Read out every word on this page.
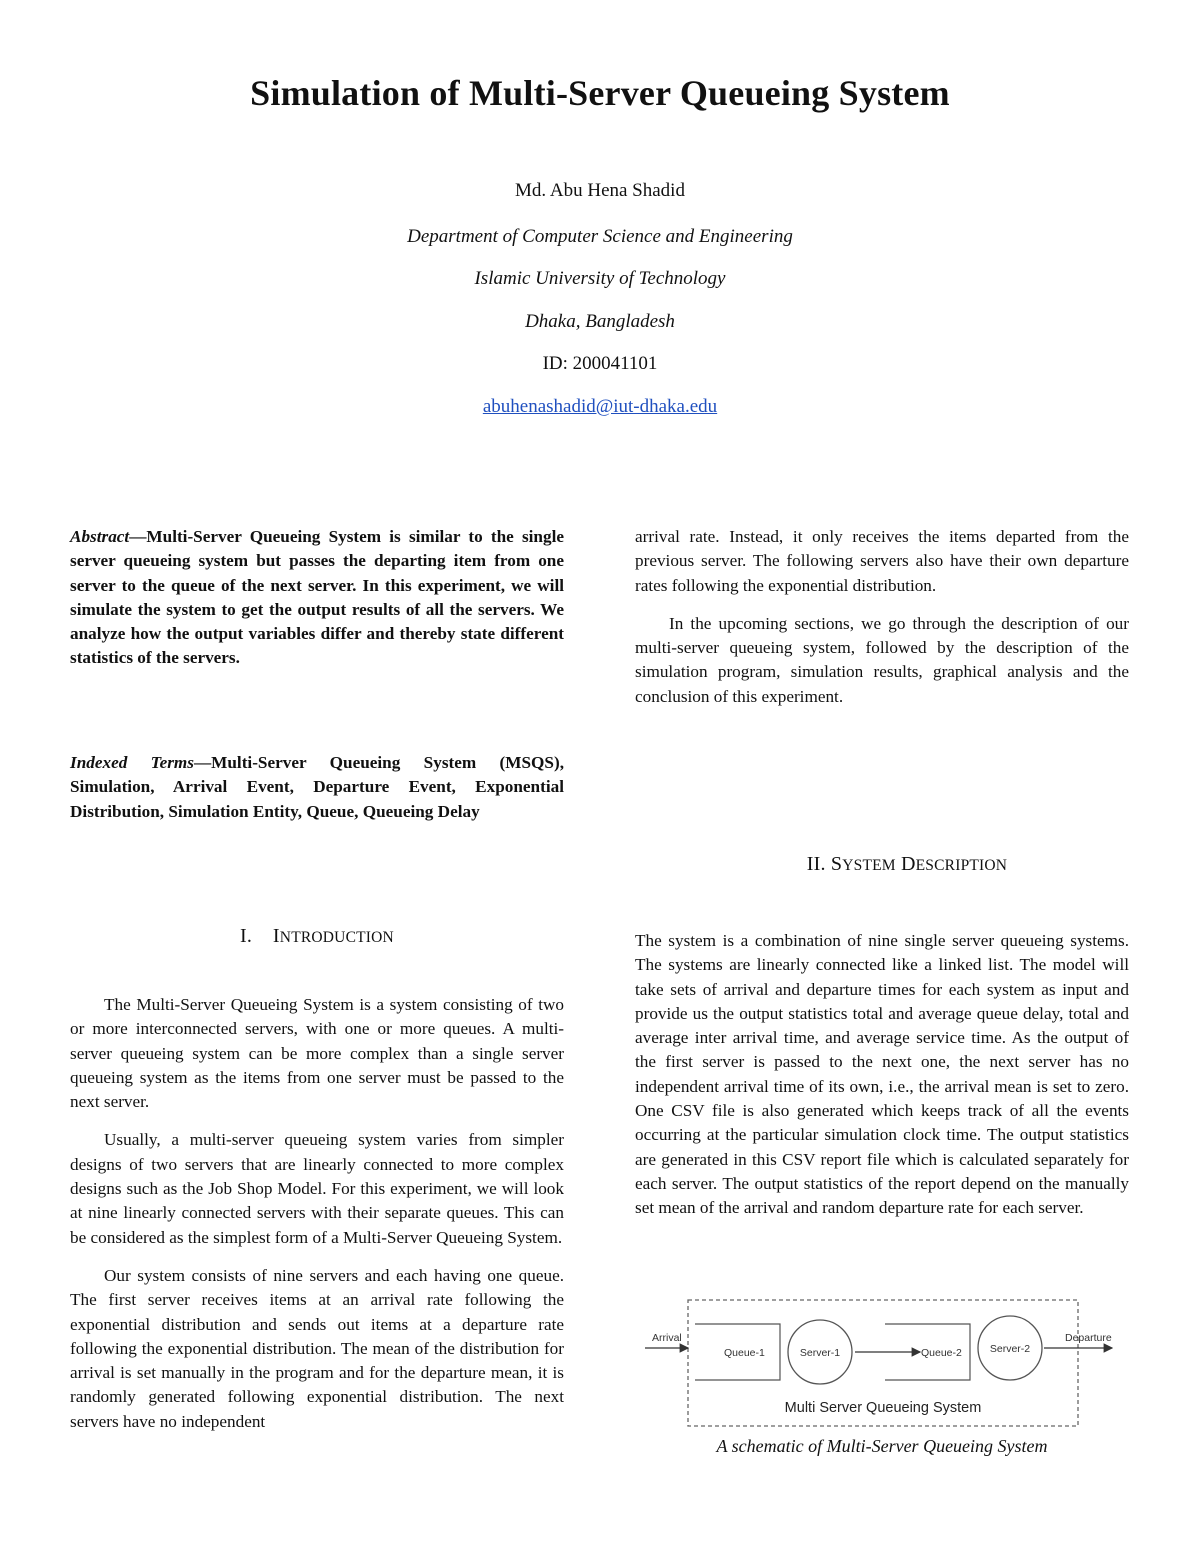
Simulation of Multi-Server Queueing System
Md. Abu Hena Shadid
Department of Computer Science and Engineering
Islamic University of Technology
Dhaka, Bangladesh
ID: 200041101
abuhenashadid@iut-dhaka.edu

Abstract—Multi-Server Queueing System is similar to the single server queueing system but passes the departing item from one server to the queue of the next server. In this experiment, we will simulate the system to get the output results of all the servers. We analyze how the output variables differ and thereby state different statistics of the servers.

Indexed Terms—Multi-Server Queueing System (MSQS), Simulation, Arrival Event, Departure Event, Exponential Distribution, Simulation Entity, Queue, Queueing Delay

I. INTRODUCTION

The Multi-Server Queueing System is a system consisting of two or more interconnected servers, with one or more queues. A multi-server queueing system can be more complex than a single server queueing system as the items from one server must be passed to the next server.

Usually, a multi-server queueing system varies from simpler designs of two servers that are linearly connected to more complex designs such as the Job Shop Model. For this experiment, we will look at nine linearly connected servers with their separate queues. This can be considered as the simplest form of a Multi-Server Queueing System.

Our system consists of nine servers and each having one queue. The first server receives items at an arrival rate following the exponential distribution and sends out items at a departure rate following the exponential distribution. The mean of the distribution for arrival is set manually in the program and for the departure mean, it is randomly generated following exponential distribution. The next servers have no independent

arrival rate. Instead, it only receives the items departed from the previous server. The following servers also have their own departure rates following the exponential distribution.

In the upcoming sections, we go through the description of our multi-server queueing system, followed by the description of the simulation program, simulation results, graphical analysis and the conclusion of this experiment.

II. SYSTEM DESCRIPTION

The system is a combination of nine single server queueing systems. The systems are linearly connected like a linked list. The model will take sets of arrival and departure times for each system as input and provide us the output statistics total and average queue delay, total and average inter arrival time, and average service time. As the output of the first server is passed to the next one, the next server has no independent arrival time of its own, i.e., the arrival mean is set to zero. One CSV file is also generated which keeps track of all the events occurring at the particular simulation clock time. The output statistics are generated in this CSV report file which is calculated separately for each server. The output statistics of the report depend on the manually set mean of the arrival and random departure rate for each server.

Arrival
Queue-1	Server-1	Queue-2	Server-2
Departure
Multi Server Queueing System
A schematic of Multi-Server Queueing System
